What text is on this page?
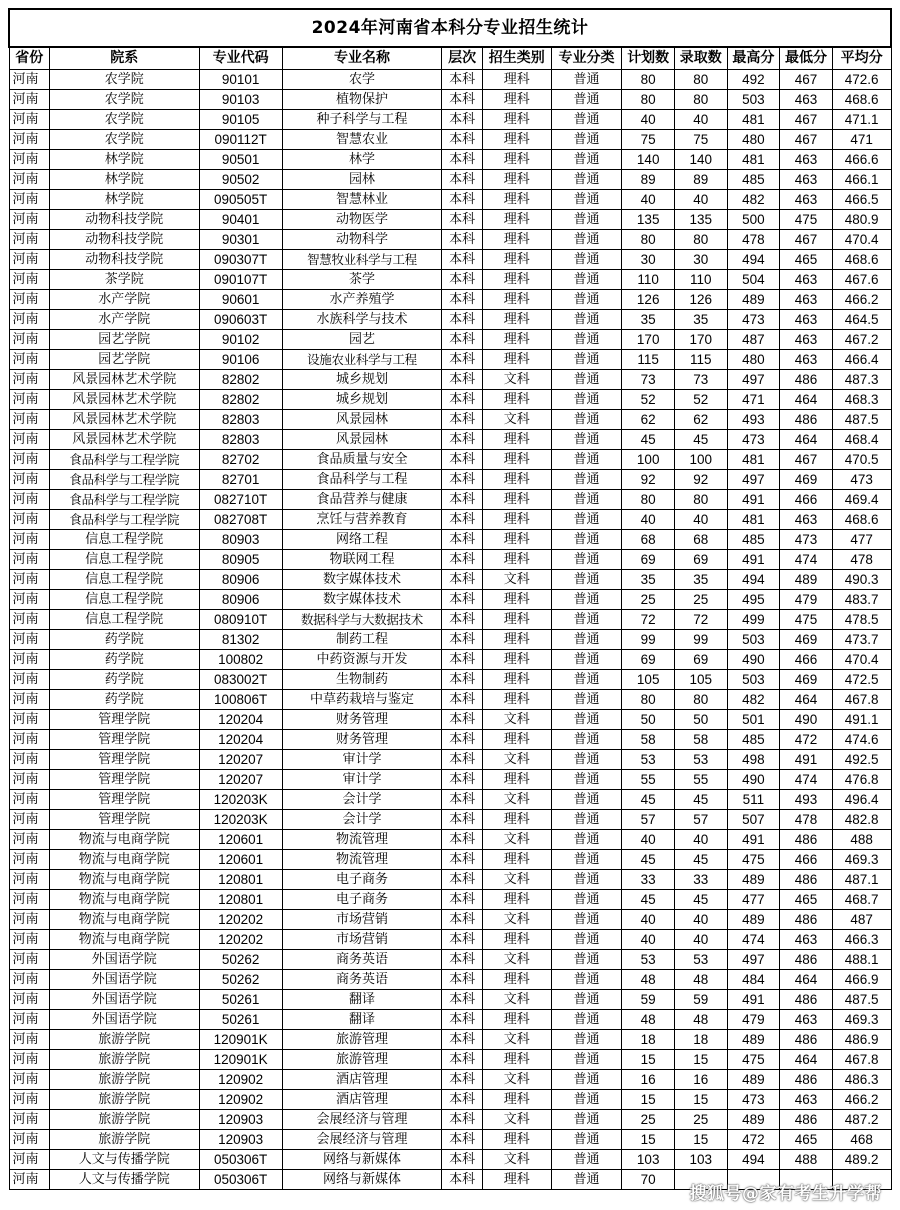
2024年河南省本科分专业招生统计											
省份	院系	专业代码	专业名称	层次	招生类别	专业分类	计划数	录取数	最高分	最低分	平均分
河南	农学院	90101	农学	本科	理科	普通	80	80	492	467	472.6
河南	农学院	90103	植物保护	本科	理科	普通	80	80	503	463	468.6
河南	农学院	90105	种子科学与工程	本科	理科	普通	40	40	481	467	471.1
河南	农学院	090112T	智慧农业	本科	理科	普通	75	75	480	467	471
河南	林学院	90501	林学	本科	理科	普通	140	140	481	463	466.6
河南	林学院	90502	园林	本科	理科	普通	89	89	485	463	466.1
河南	林学院	090505T	智慧林业	本科	理科	普通	40	40	482	463	466.5
河南	动物科技学院	90401	动物医学	本科	理科	普通	135	135	500	475	480.9
河南	动物科技学院	90301	动物科学	本科	理科	普通	80	80	478	467	470.4
河南	动物科技学院	090307T	智慧牧业科学与工程	本科	理科	普通	30	30	494	465	468.6
河南	茶学院	090107T	茶学	本科	理科	普通	110	110	504	463	467.6
河南	水产学院	90601	水产养殖学	本科	理科	普通	126	126	489	463	466.2
河南	水产学院	090603T	水族科学与技术	本科	理科	普通	35	35	473	463	464.5
河南	园艺学院	90102	园艺	本科	理科	普通	170	170	487	463	467.2
河南	园艺学院	90106	设施农业科学与工程	本科	理科	普通	115	115	480	463	466.4
河南	风景园林艺术学院	82802	城乡规划	本科	文科	普通	73	73	497	486	487.3
河南	风景园林艺术学院	82802	城乡规划	本科	理科	普通	52	52	471	464	468.3
河南	风景园林艺术学院	82803	风景园林	本科	文科	普通	62	62	493	486	487.5
河南	风景园林艺术学院	82803	风景园林	本科	理科	普通	45	45	473	464	468.4
河南	食品科学与工程学院	82702	食品质量与安全	本科	理科	普通	100	100	481	467	470.5
河南	食品科学与工程学院	82701	食品科学与工程	本科	理科	普通	92	92	497	469	473
河南	食品科学与工程学院	082710T	食品营养与健康	本科	理科	普通	80	80	491	466	469.4
河南	食品科学与工程学院	082708T	烹饪与营养教育	本科	理科	普通	40	40	481	463	468.6
河南	信息工程学院	80903	网络工程	本科	理科	普通	68	68	485	473	477
河南	信息工程学院	80905	物联网工程	本科	理科	普通	69	69	491	474	478
河南	信息工程学院	80906	数字媒体技术	本科	文科	普通	35	35	494	489	490.3
河南	信息工程学院	80906	数字媒体技术	本科	理科	普通	25	25	495	479	483.7
河南	信息工程学院	080910T	数据科学与大数据技术	本科	理科	普通	72	72	499	475	478.5
河南	药学院	81302	制药工程	本科	理科	普通	99	99	503	469	473.7
河南	药学院	100802	中药资源与开发	本科	理科	普通	69	69	490	466	470.4
河南	药学院	083002T	生物制药	本科	理科	普通	105	105	503	469	472.5
河南	药学院	100806T	中草药栽培与鉴定	本科	理科	普通	80	80	482	464	467.8
河南	管理学院	120204	财务管理	本科	文科	普通	50	50	501	490	491.1
河南	管理学院	120204	财务管理	本科	理科	普通	58	58	485	472	474.6
河南	管理学院	120207	审计学	本科	文科	普通	53	53	498	491	492.5
河南	管理学院	120207	审计学	本科	理科	普通	55	55	490	474	476.8
河南	管理学院	120203K	会计学	本科	文科	普通	45	45	511	493	496.4
河南	管理学院	120203K	会计学	本科	理科	普通	57	57	507	478	482.8
河南	物流与电商学院	120601	物流管理	本科	文科	普通	40	40	491	486	488
河南	物流与电商学院	120601	物流管理	本科	理科	普通	45	45	475	466	469.3
河南	物流与电商学院	120801	电子商务	本科	文科	普通	33	33	489	486	487.1
河南	物流与电商学院	120801	电子商务	本科	理科	普通	45	45	477	465	468.7
河南	物流与电商学院	120202	市场营销	本科	文科	普通	40	40	489	486	487
河南	物流与电商学院	120202	市场营销	本科	理科	普通	40	40	474	463	466.3
河南	外国语学院	50262	商务英语	本科	文科	普通	53	53	497	486	488.1
河南	外国语学院	50262	商务英语	本科	理科	普通	48	48	484	464	466.9
河南	外国语学院	50261	翻译	本科	文科	普通	59	59	491	486	487.5
河南	外国语学院	50261	翻译	本科	理科	普通	48	48	479	463	469.3
河南	旅游学院	120901K	旅游管理	本科	文科	普通	18	18	489	486	486.9
河南	旅游学院	120901K	旅游管理	本科	理科	普通	15	15	475	464	467.8
河南	旅游学院	120902	酒店管理	本科	文科	普通	16	16	489	486	486.3
河南	旅游学院	120902	酒店管理	本科	理科	普通	15	15	473	463	466.2
河南	旅游学院	120903	会展经济与管理	本科	文科	普通	25	25	489	486	487.2
河南	旅游学院	120903	会展经济与管理	本科	理科	普通	15	15	472	465	468
河南	人文与传播学院	050306T	网络与新媒体	本科	文科	普通	103	103	494	488	489.2
河南	人文与传播学院	050306T	网络与新媒体	本科	理科	普通	70				
搜狐号@家有考生升学帮
